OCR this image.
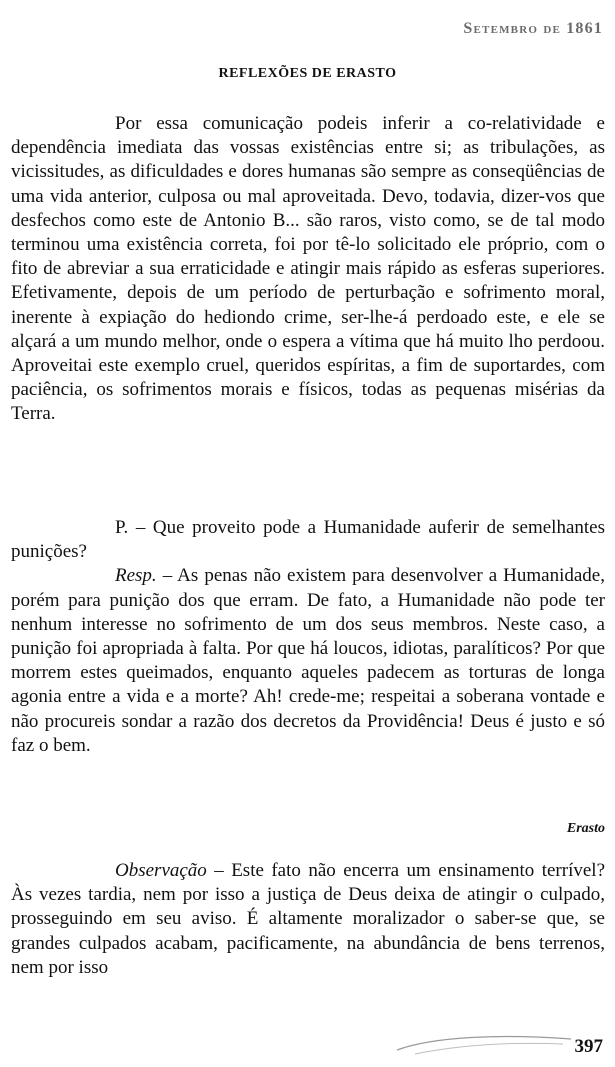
Setembro de 1861
REFLEXÕES DE ERASTO

Por essa comunicação podeis inferir a co-relatividade e dependência imediata das vossas existências entre si; as tribulações, as vicissitudes, as dificuldades e dores humanas são sempre as conseqüências de uma vida anterior, culposa ou mal aproveitada. Devo, todavia, dizer-vos que desfechos como este de Antonio B... são raros, visto como, se de tal modo terminou uma existência correta, foi por tê-lo solicitado ele próprio, com o fito de abreviar a sua erraticidade e atingir mais rápido as esferas superiores. Efetivamente, depois de um período de perturbação e sofrimento moral, inerente à expiação do hediondo crime, ser-lhe-á perdoado este, e ele se alçará a um mundo melhor, onde o espera a vítima que há muito lho perdoou. Aproveitai este exemplo cruel, queridos espíritas, a fim de suportardes, com paciência, os sofrimentos morais e físicos, todas as pequenas misérias da Terra.

P. – Que proveito pode a Humanidade auferir de semelhantes punições?

Resp. – As penas não existem para desenvolver a Humanidade, porém para punição dos que erram. De fato, a Humanidade não pode ter nenhum interesse no sofrimento de um dos seus membros. Neste caso, a punição foi apropriada à falta. Por que há loucos, idiotas, paralíticos? Por que morrem estes queimados, enquanto aqueles padecem as torturas de longa agonia entre a vida e a morte? Ah! crede-me; respeitai a soberana vontade e não procureis sondar a razão dos decretos da Providência! Deus é justo e só faz o bem.

Erasto

Observação – Este fato não encerra um ensinamento terrível? Às vezes tardia, nem por isso a justiça de Deus deixa de atingir o culpado, prosseguindo em seu aviso. É altamente moralizador o saber-se que, se grandes culpados acabam, pacificamente, na abundância de bens terrenos, nem por isso

397
